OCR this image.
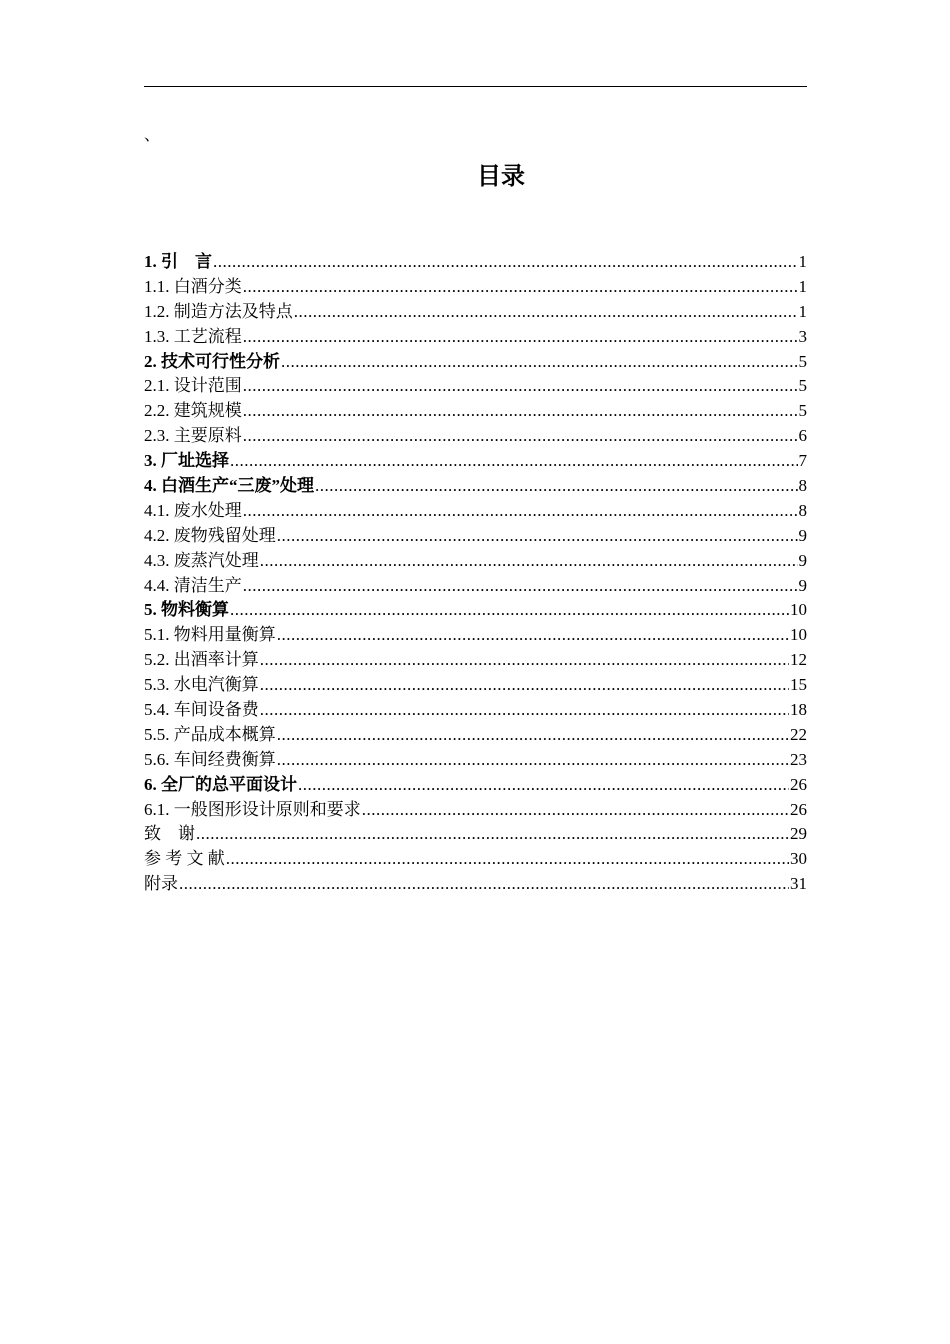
、
目录
1. 引　言 .....	1
1.1. 白酒分类 .....	1
1.2. 制造方法及特点 .....	1
1.3. 工艺流程 .....	3
2. 技术可行性分析 .....	5
2.1. 设计范围 .....	5
2.2. 建筑规模 .....	5
2.3. 主要原料 .....	6
3. 厂址选择 .....	7
4. 白酒生产“三废”处理 .....	8
4.1. 废水处理 .....	8
4.2. 废物残留处理 .....	9
4.3. 废蒸汽处理 .....	9
4.4. 清洁生产 .....	9
5. 物料衡算 .....	10
5.1. 物料用量衡算 .....	10
5.2. 出酒率计算 .....	12
5.3. 水电汽衡算 .....	15
5.4. 车间设备费 .....	18
5.5. 产品成本概算 .....	22
5.6. 车间经费衡算 .....	23
6. 全厂的总平面设计 .....	26
6.1. 一般图形设计原则和要求 .....	26
致　谢 .....	29
参 考 文 献 .....	30
附录 .....	31
